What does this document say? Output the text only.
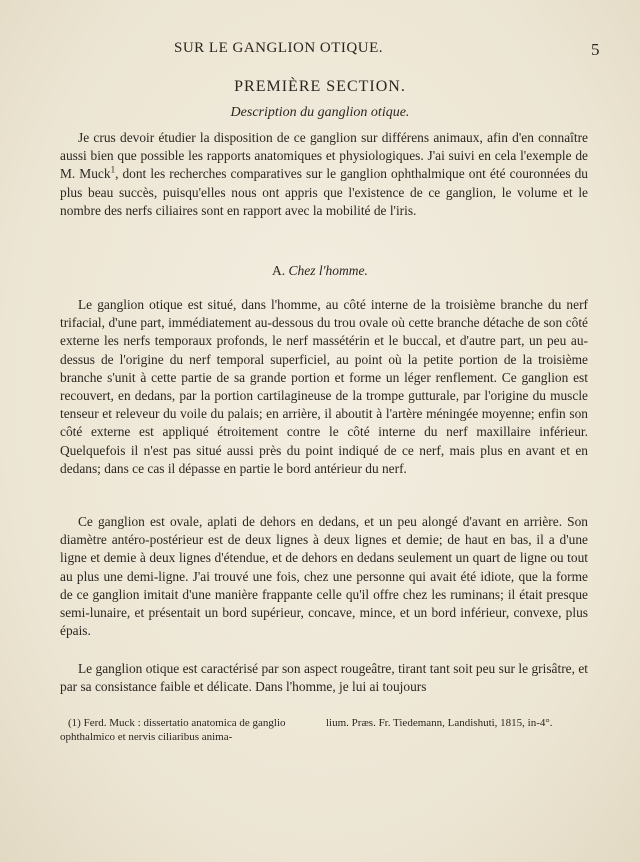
SUR LE GANGLION OTIQUE.	5
PREMIÈRE SECTION.
Description du ganglion otique.

Je crus devoir étudier la disposition de ce ganglion sur différens animaux, afin d'en connaître aussi bien que possible les rapports anatomiques et physiologiques. J'ai suivi en cela l'exemple de M. Muck$^1$, dont les recherches comparatives sur le ganglion ophthalmique ont été couronnées du plus beau succès, puisqu'elles nous ont appris que l'existence de ce ganglion, le volume et le nombre des nerfs ciliaires sont en rapport avec la mobilité de l'iris.

A. Chez l'homme.

Le ganglion otique est situé, dans l'homme, au côté interne de la troisième branche du nerf trifacial, d'une part, immédiatement au-dessous du trou ovale où cette branche détache de son côté externe les nerfs temporaux profonds, le nerf massétérin et le buccal, et d'autre part, un peu au-dessus de l'origine du nerf temporal superficiel, au point où la petite portion de la troisième branche s'unit à cette partie de sa grande portion et forme un léger renflement. Ce ganglion est recouvert, en dedans, par la portion cartilagineuse de la trompe gutturale, par l'origine du muscle tenseur et releveur du voile du palais; en arrière, il aboutit à l'artère méningée moyenne; enfin son côté externe est appliqué étroitement contre le côté interne du nerf maxillaire inférieur. Quelquefois il n'est pas situé aussi près du point indiqué de ce nerf, mais plus en avant et en dedans; dans ce cas il dépasse en partie le bord antérieur du nerf.

Ce ganglion est ovale, aplati de dehors en dedans, et un peu alongé d'avant en arrière. Son diamètre antéro-postérieur est de deux lignes à deux lignes et demie; de haut en bas, il a d'une ligne et demie à deux lignes d'étendue, et de dehors en dedans seulement un quart de ligne ou tout au plus une demi-ligne. J'ai trouvé une fois, chez une personne qui avait été idiote, que la forme de ce ganglion imitait d'une manière frappante celle qu'il offre chez les ruminans; il était presque semi-lunaire, et présentait un bord supérieur, concave, mince, et un bord inférieur, convexe, plus épais.

Le ganglion otique est caractérisé par son aspect rougeâtre, tirant tant soit peu sur le grisâtre, et par sa consistance faible et délicate. Dans l'homme, je lui ai toujours

(1) Ferd. Muck : dissertatio anatomica de ganglio ophthalmico et nervis ciliaribus anima-
lium. Præs. Fr. Tiedemann, Landishuti, 1815, in-4°.
